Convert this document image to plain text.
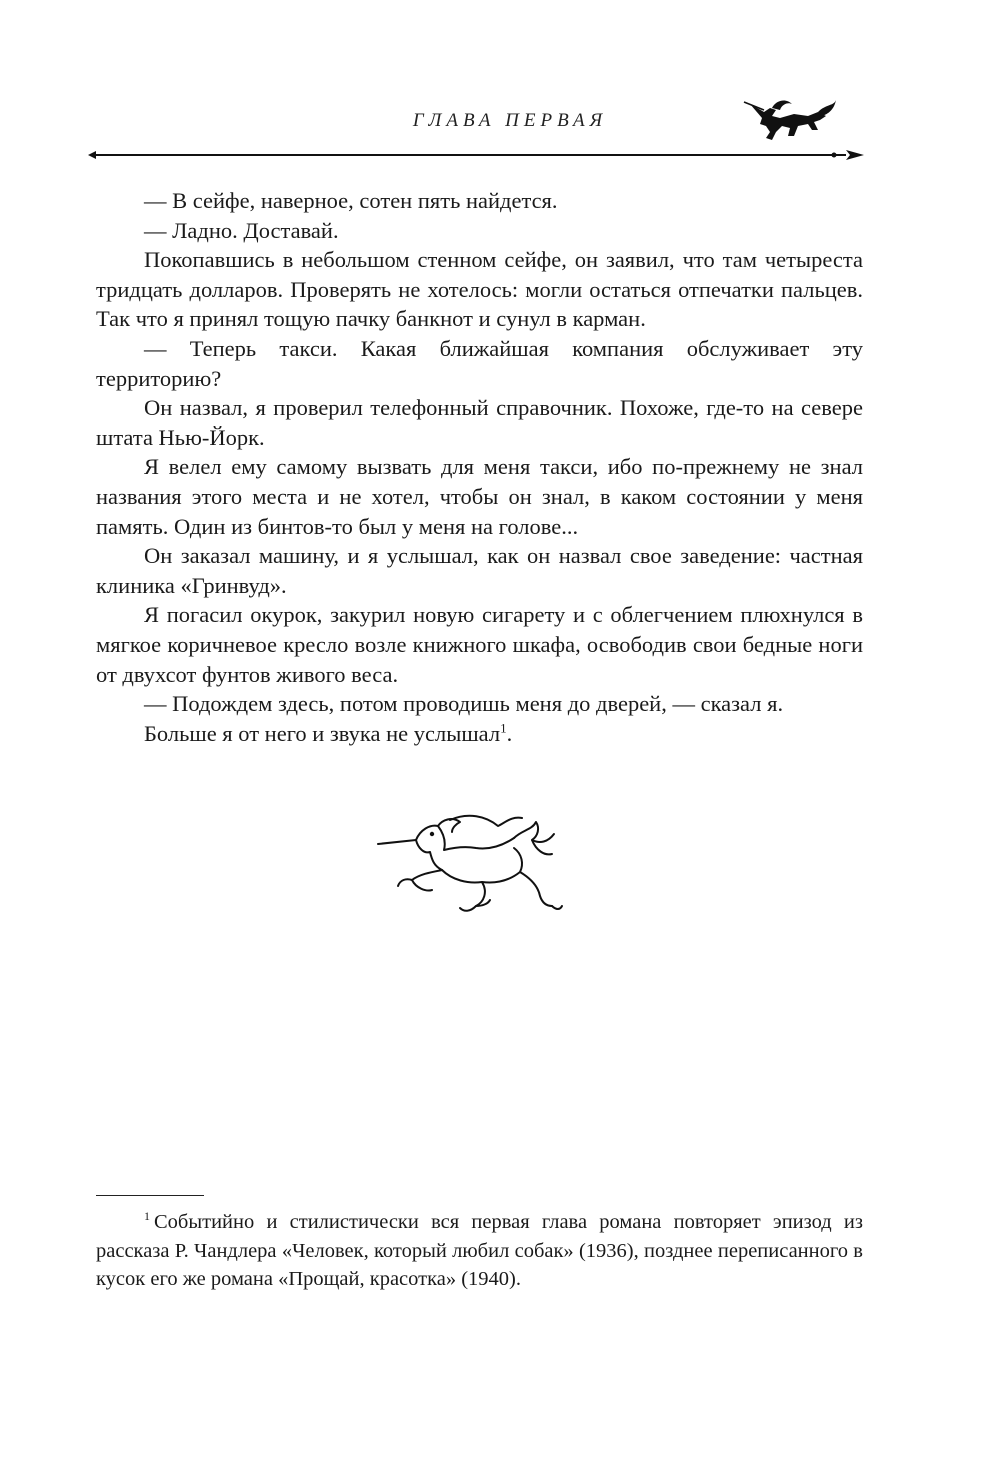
ГЛАВА ПЕРВАЯ

— В сейфе, наверное, сотен пять найдется.

— Ладно. Доставай.

Покопавшись в небольшом стенном сейфе, он заявил, что там четыреста тридцать долларов. Проверять не хотелось: могли остаться отпечатки пальцев. Так что я принял тощую пачку банкнот и сунул в карман.

— Теперь такси. Какая ближайшая компания обслуживает эту территорию?

Он назвал, я проверил телефонный справочник. Похоже, где-то на севере штата Нью-Йорк.

Я велел ему самому вызвать для меня такси, ибо по-прежнему не знал названия этого места и не хотел, чтобы он знал, в каком состоянии у меня память. Один из бинтов-то был у меня на голове...

Он заказал машину, и я услышал, как он назвал свое заведение: частная клиника «Гринвуд».

Я погасил окурок, закурил новую сигарету и с облегчением плюхнулся в мягкое коричневое кресло возле книжного шкафа, освободив свои бедные ноги от двухсот фунтов живого веса.

— Подождем здесь, потом проводишь меня до дверей, — сказал я.

Больше я от него и звука не услышал$^1$.

$^1$ Событийно и стилистически вся первая глава романа повторяет эпизод из рассказа Р. Чандлера «Человек, который любил собак» (1936), позднее переписанного в кусок его же романа «Прощай, красотка» (1940).
